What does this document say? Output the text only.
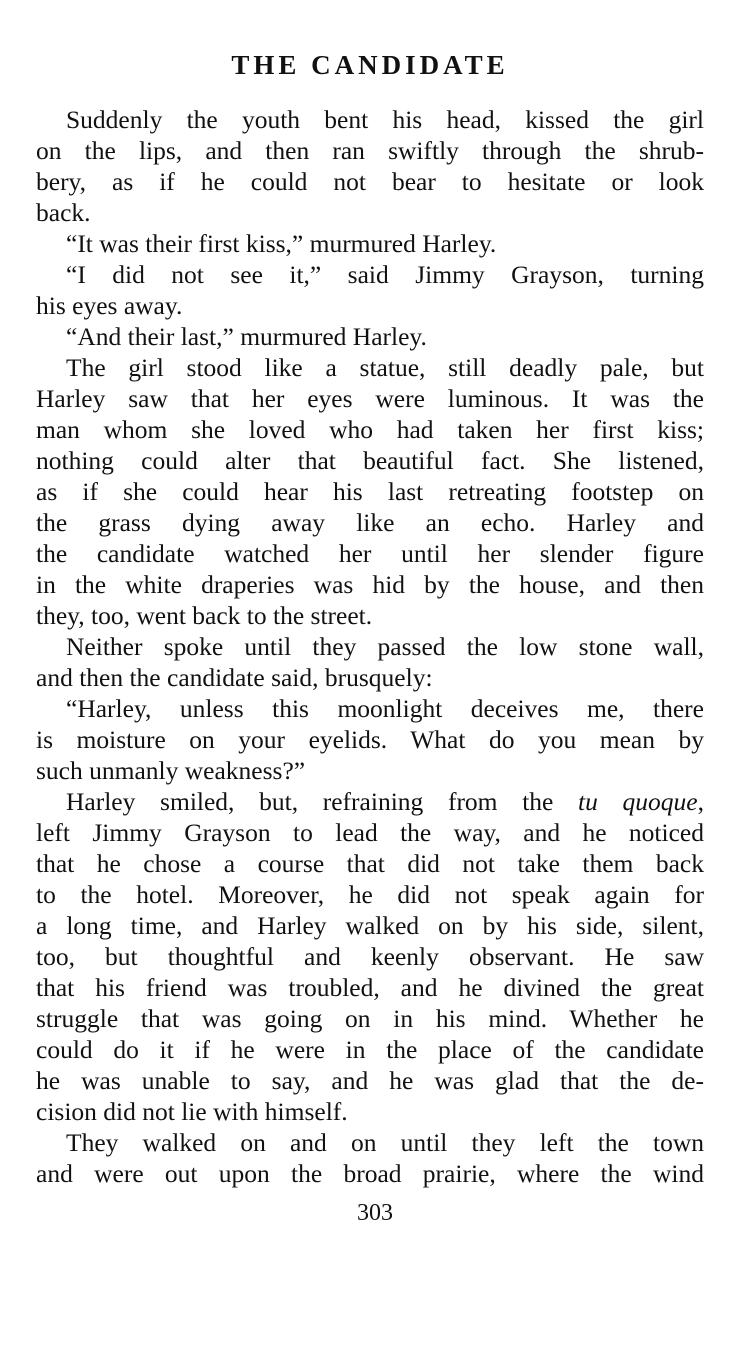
THE CANDIDATE
Suddenly the youth bent his head, kissed the girl
on the lips, and then ran swiftly through the shrub-
bery, as if he could not bear to hesitate or look
back.
“It was their first kiss,” murmured Harley.
“I did not see it,” said Jimmy Grayson, turning
his eyes away.
“And their last,” murmured Harley.
The girl stood like a statue, still deadly pale, but
Harley saw that her eyes were luminous. It was the
man whom she loved who had taken her first kiss;
nothing could alter that beautiful fact. She listened,
as if she could hear his last retreating footstep on
the grass dying away like an echo. Harley and
the candidate watched her until her slender figure
in the white draperies was hid by the house, and then
they, too, went back to the street.
Neither spoke until they passed the low stone wall,
and then the candidate said, brusquely:
“Harley, unless this moonlight deceives me, there
is moisture on your eyelids. What do you mean by
such unmanly weakness?”
Harley smiled, but, refraining from the tu quoque,
left Jimmy Grayson to lead the way, and he noticed
that he chose a course that did not take them back
to the hotel. Moreover, he did not speak again for
a long time, and Harley walked on by his side, silent,
too, but thoughtful and keenly observant. He saw
that his friend was troubled, and he divined the great
struggle that was going on in his mind. Whether he
could do it if he were in the place of the candidate
he was unable to say, and he was glad that the de-
cision did not lie with himself.
They walked on and on until they left the town
and were out upon the broad prairie, where the wind
303
